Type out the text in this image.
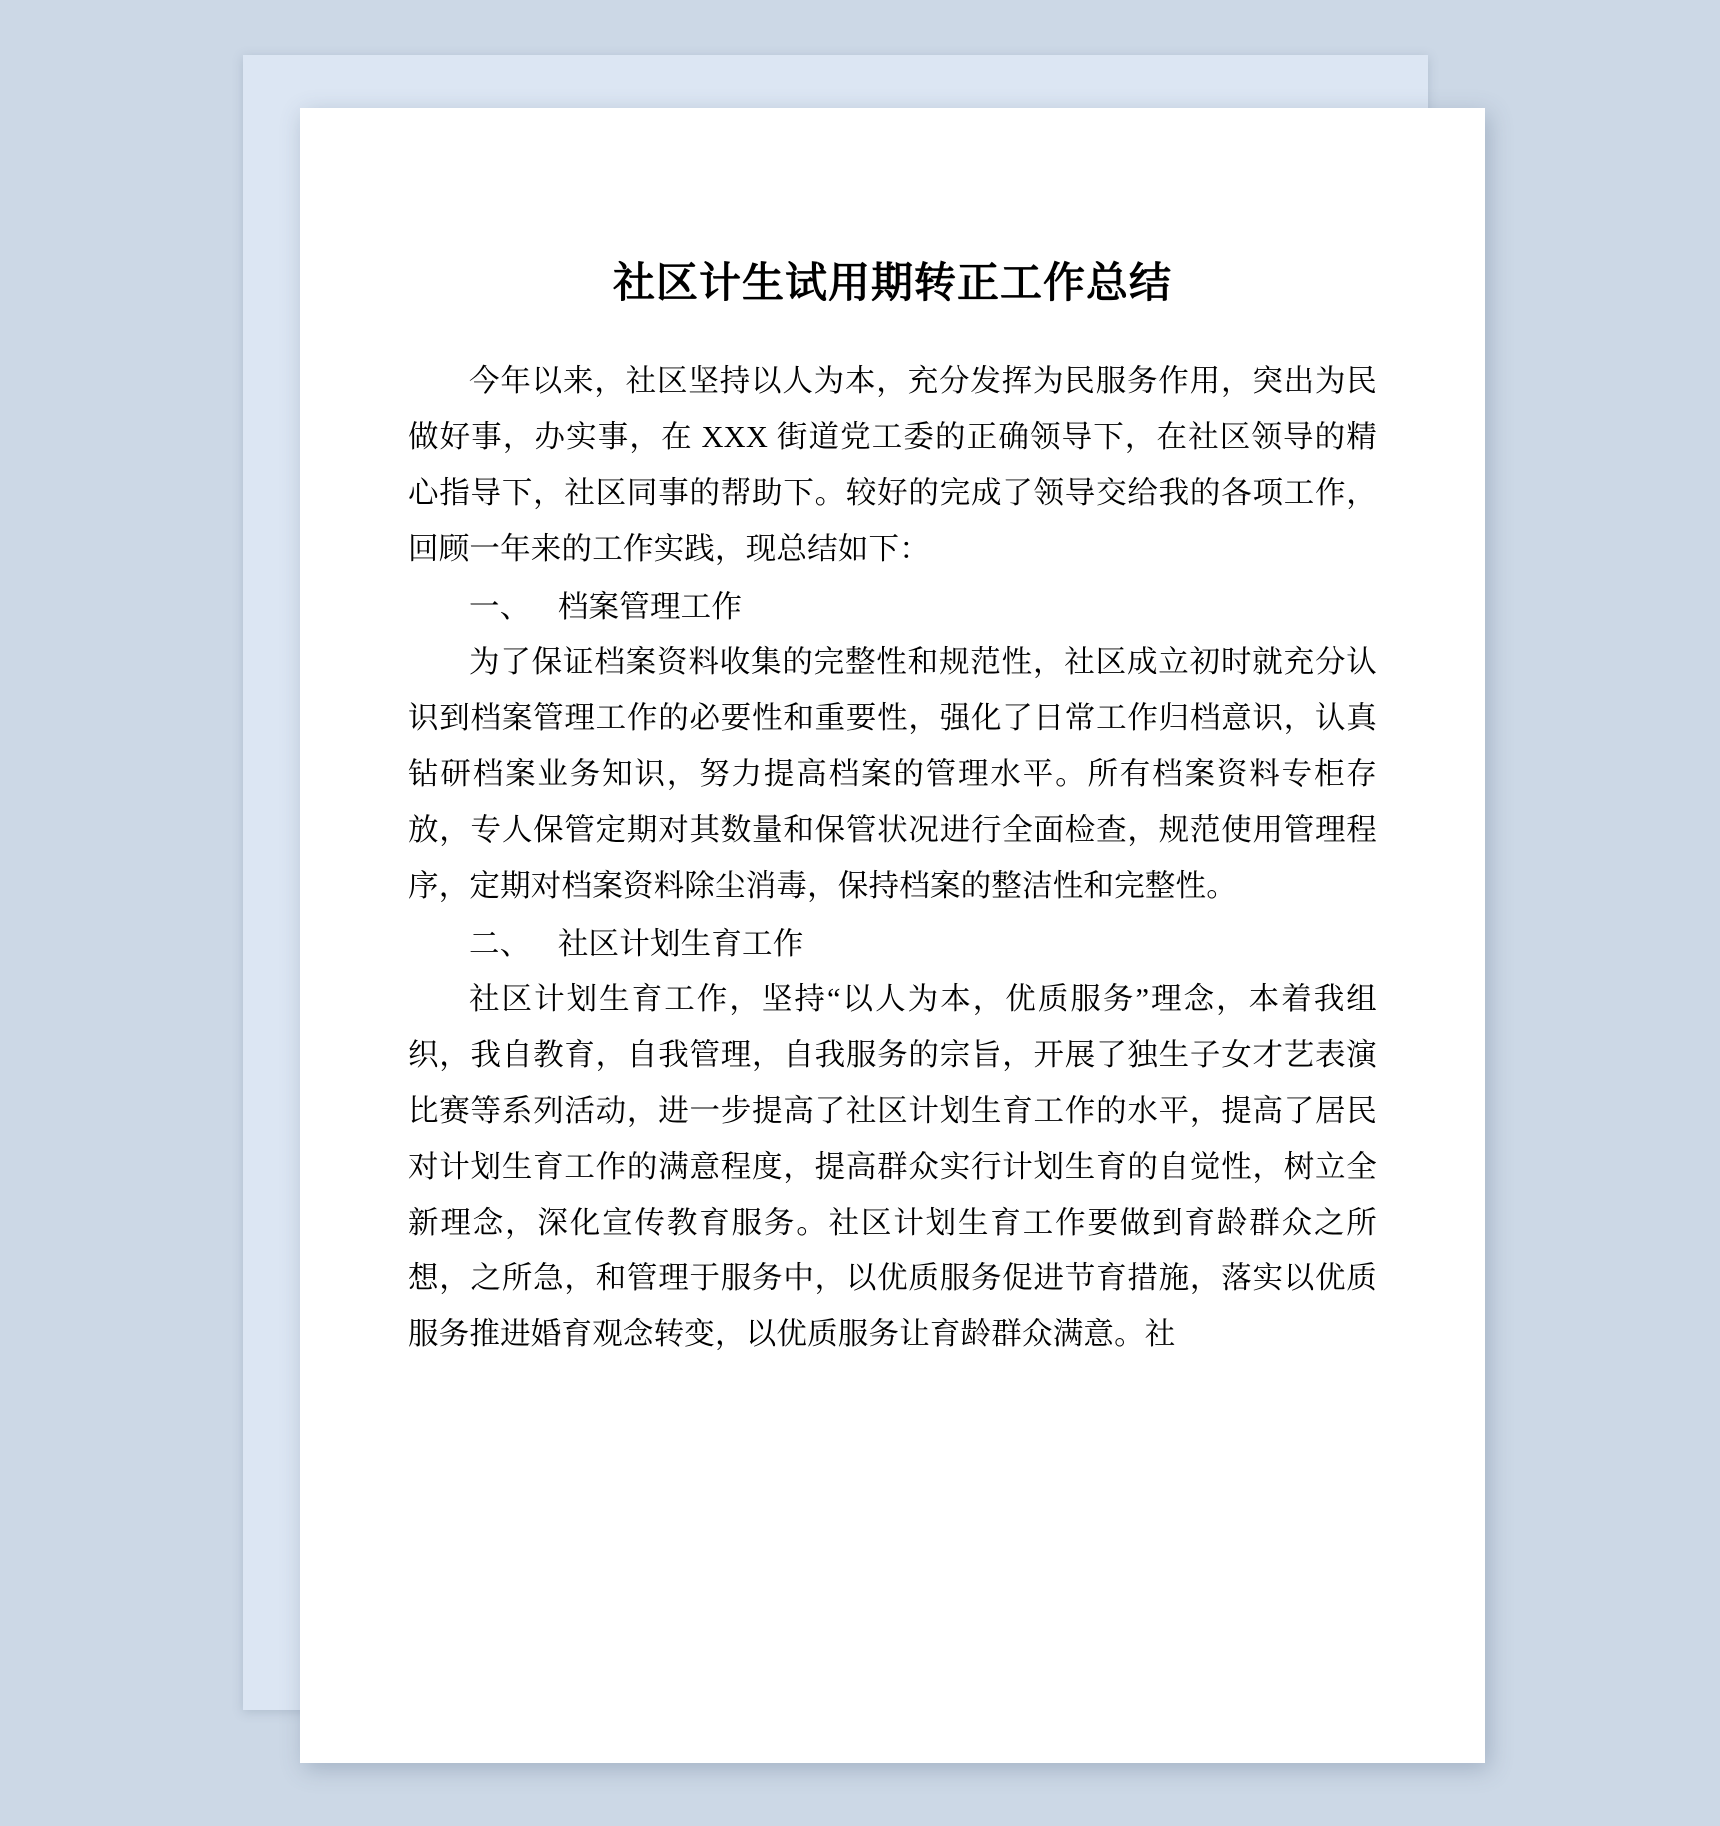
社区计生试用期转正工作总结

今年以来，社区坚持以人为本，充分发挥为民服务作用，突出为民做好事，办实事，在 XXX 街道党工委的正确领导下，在社区领导的精心指导下，社区同事的帮助下。较好的完成了领导交给我的各项工作，回顾一年来的工作实践，现总结如下：

一、 档案管理工作

为了保证档案资料收集的完整性和规范性，社区成立初时就充分认识到档案管理工作的必要性和重要性，强化了日常工作归档意识，认真钻研档案业务知识，努力提高档案的管理水平。所有档案资料专柜存放，专人保管定期对其数量和保管状况进行全面检查，规范使用管理程序，定期对档案资料除尘消毒，保持档案的整洁性和完整性。

二、 社区计划生育工作

社区计划生育工作，坚持“以人为本，优质服务”理念，本着我组织，我自教育，自我管理，自我服务的宗旨，开展了独生子女才艺表演比赛等系列活动，进一步提高了社区计划生育工作的水平，提高了居民对计划生育工作的满意程度，提高群众实行计划生育的自觉性，树立全新理念，深化宣传教育服务。社区计划生育工作要做到育龄群众之所想，之所急，和管理于服务中，以优质服务促进节育措施，落实以优质服务推进婚育观念转变，以优质服务让育龄群众满意。社
